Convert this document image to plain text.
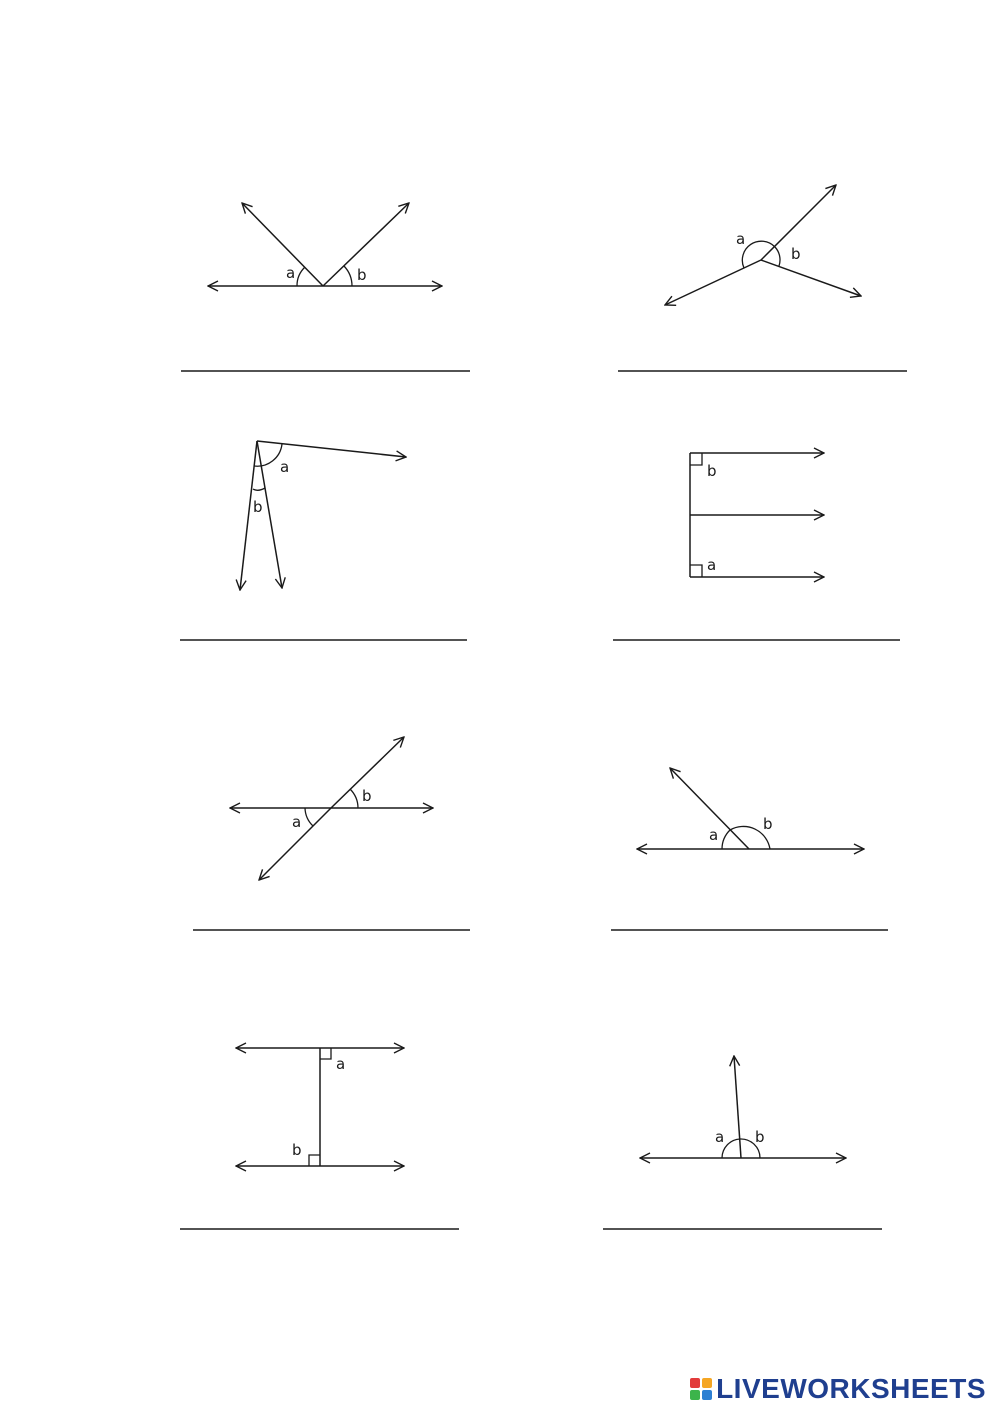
a	b
a
b
a
b
b
a
a
b
a
b
a
b
a b
LIVEWORKSHEETS
